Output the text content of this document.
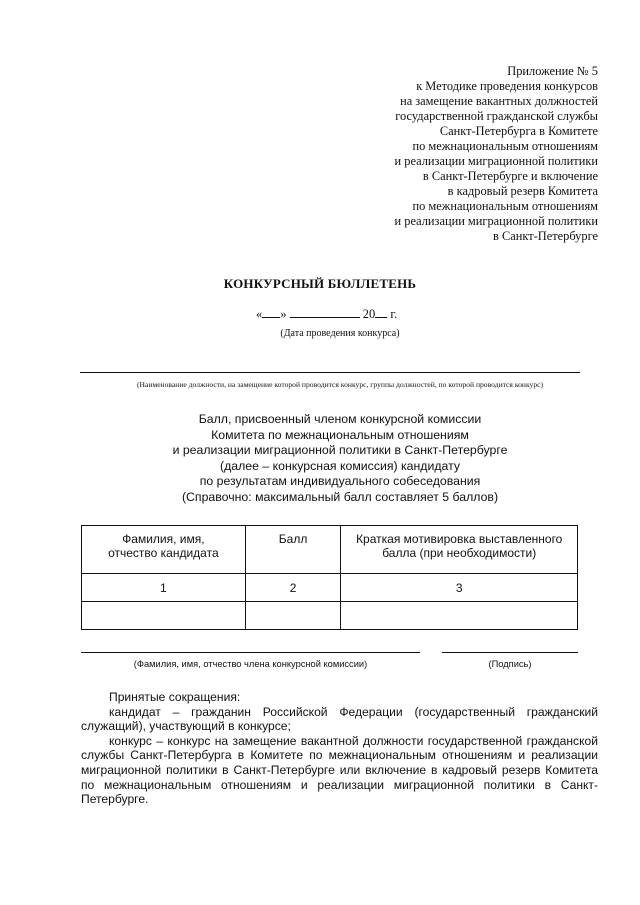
Приложение № 5
к Методике проведения конкурсов
на замещение вакантных должностей
государственной гражданской службы
Санкт-Петербурга в Комитете
по межнациональным отношениям
и реализации миграционной политики
в Санкт-Петербурге и включение
в кадровый резерв Комитета
по межнациональным отношениям
и реализации миграционной политики
в Санкт-Петербурге
КОНКУРСНЫЙ БЮЛЛЕТЕНЬ
« »	20 г.
(Дата проведения конкурса)
(Наименование должности, на замещение которой проводится конкурс, группы должностей, по которой проводится конкурс)
Балл, присвоенный членом конкурсной комиссии
Комитета по межнациональным отношениям
и реализации миграционной политики в Санкт-Петербурге
(далее – конкурсная комиссия) кандидату
по результатам индивидуального собеседования
(Справочно: максимальный балл составляет 5 баллов)
Фамилия, имя, отчество кандидата	Балл	Краткая мотивировка выставленного балла (при необходимости)
1	2	3

(Фамилия, имя, отчество члена конкурсной комиссии)	(Подпись)

Принятые сокращения:

кандидат – гражданин Российской Федерации (государственный гражданский служащий), участвующий в конкурсе;

конкурс – конкурс на замещение вакантной должности государственной гражданской службы Санкт-Петербурга в Комитете по межнациональным отношениям и реализации миграционной политики в Санкт-Петербурге или включение в кадровый резерв Комитета по межнациональным отношениям и реализации миграционной политики в Санкт-Петербурге.
